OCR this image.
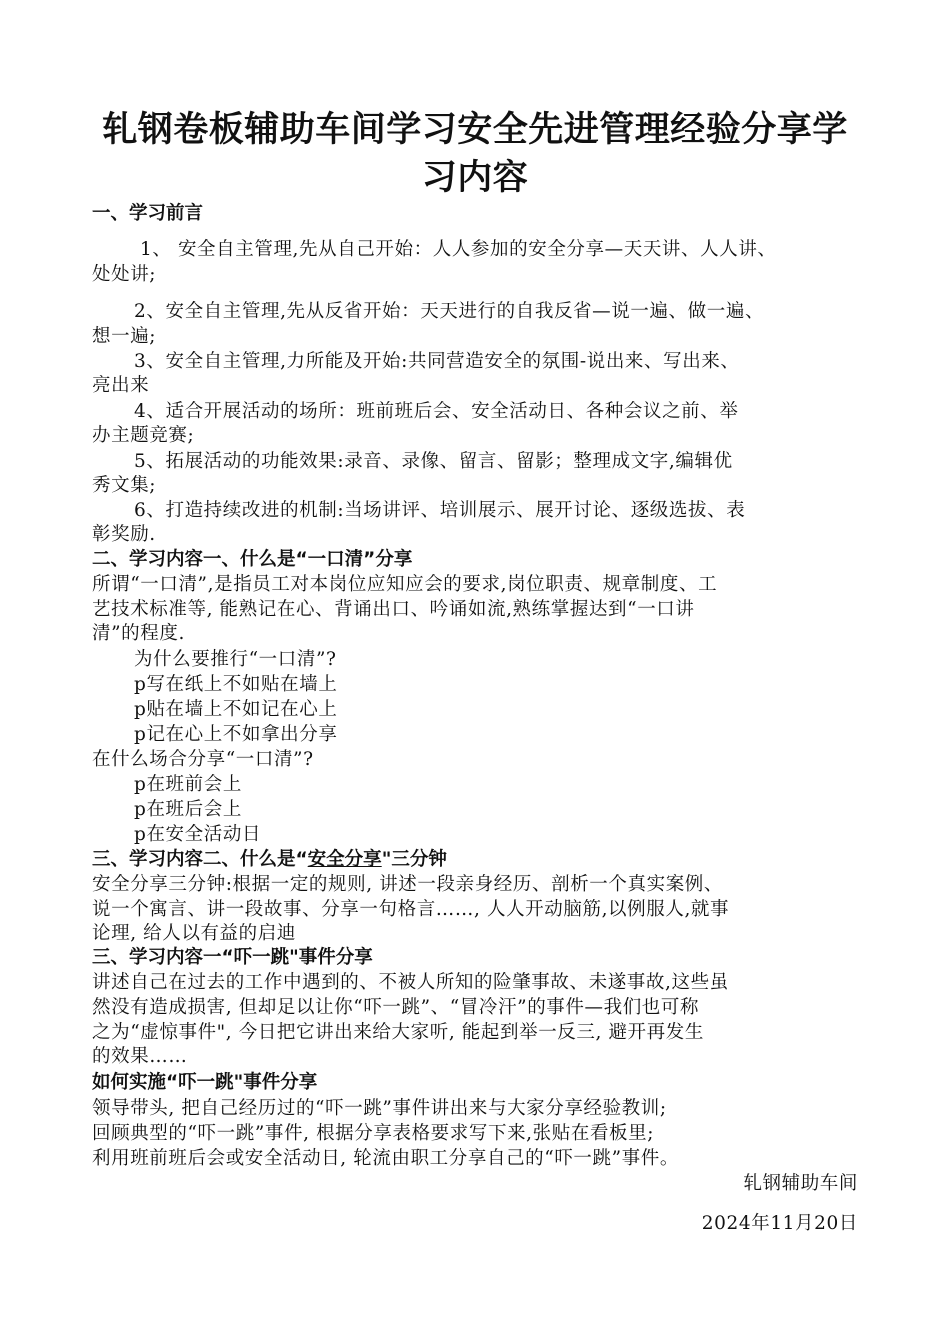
轧钢卷板辅助车间学习安全先进管理经验分享学
习内容
一、学习前言
1、 安全自主管理,先从自己开始：人人参加的安全分享—天天讲、人人讲、
处处讲;
2、安全自主管理,先从反省开始：天天进行的自我反省—说一遍、做一遍、
想一遍;
3、安全自主管理,力所能及开始:共同营造安全的氛围-说出来、写出来、
亮出来
4、适合开展活动的场所：班前班后会、安全活动日、各种会议之前、举
办主题竞赛;
5、拓展活动的功能效果:录音、录像、留言、留影；整理成文字,编辑优
秀文集;
6、打造持续改进的机制:当场讲评、培训展示、展开讨论、逐级选拔、表
彰奖励.
二、学习内容一、什么是“一口清”分享
所谓“一口清”,是指员工对本岗位应知应会的要求,岗位职责、规章制度、工
艺技术标准等, 能熟记在心、背诵出口、吟诵如流,熟练掌握达到“一口讲
清”的程度.
为什么要推行“一口清”?
p写在纸上不如贴在墙上
p贴在墙上不如记在心上
p记在心上不如拿出分享
在什么场合分享“一口清”?
p在班前会上
p在班后会上
p在安全活动日
三、学习内容二、什么是“安全分享"三分钟
安全分享三分钟:根据一定的规则, 讲述一段亲身经历、剖析一个真实案例、
说一个寓言、讲一段故事、分享一句格言……, 人人开动脑筋,以例服人,就事
论理, 给人以有益的启迪
三、学习内容一“吓一跳"事件分享
讲述自己在过去的工作中遇到的、不被人所知的险肇事故、未遂事故,这些虽
然没有造成损害, 但却足以让你“吓一跳”、“冒冷汗”的事件—我们也可称
之为“虚惊事件", 今日把它讲出来给大家听, 能起到举一反三, 避开再发生
的效果……
如何实施“吓一跳"事件分享
领导带头, 把自己经历过的“吓一跳”事件讲出来与大家分享经验教训;
回顾典型的“吓一跳”事件, 根据分享表格要求写下来,张贴在看板里;
利用班前班后会或安全活动日, 轮流由职工分享自己的“吓一跳”事件。
轧钢辅助车间
2024年11月20日
